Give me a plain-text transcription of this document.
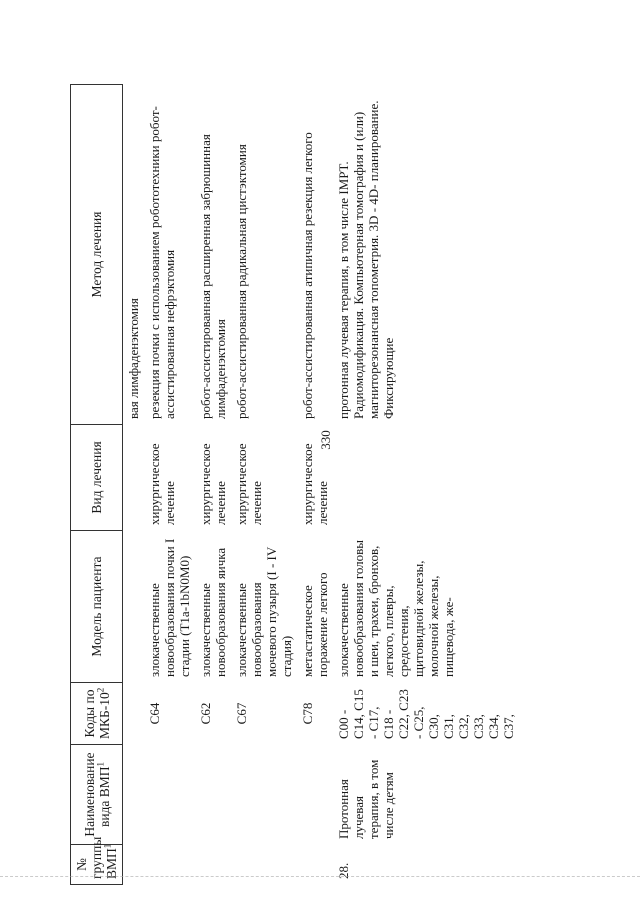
330
№ группы ВМП$^1$	Наименование вида ВМП$^1$	Коды по МКБ-$10^2$	Модель пациента	Вид лечения	Метод лечения
					вая лимфаденэктомия
		C64	злокачественные новообразования почки I стадии (T1a-1bN0M0)	хирургическое лечение	резекция почки с использованием робототехники робот-ассистированная нефрэктомия
		C62	злокачественные новообразования яичка	хирургическое лечение	робот-ассистированная расширенная забрюшинная лимфаденэктомия
		C67	злокачественные новообразования мочевого пузыря (I - IV стадия)	хирургическое лечение	робот-ассистированная радикальная цистэктомия
		C78	метастатическое поражение легкого	хирургическое лечение	робот-ассистированная атипичная резекция легкого
28.	Протонная лучевая терапия, в том числе детям	C00 - C14, C15 - C17, C18 - C22, C23 - C25, C30, C31, C32, C33, C34, C37,	злокачественные новообразования головы и шеи, трахеи, бронхов, легкого, плевры, средостения, щитовидной железы, молочной железы, пищевода, же-		протонная лучевая терапия, в том числе IMPT. Радиомодификация. Компьютерная томография и (или) магниторезонансная топометрия. 3D - 4D- планирование. Фиксирующие
